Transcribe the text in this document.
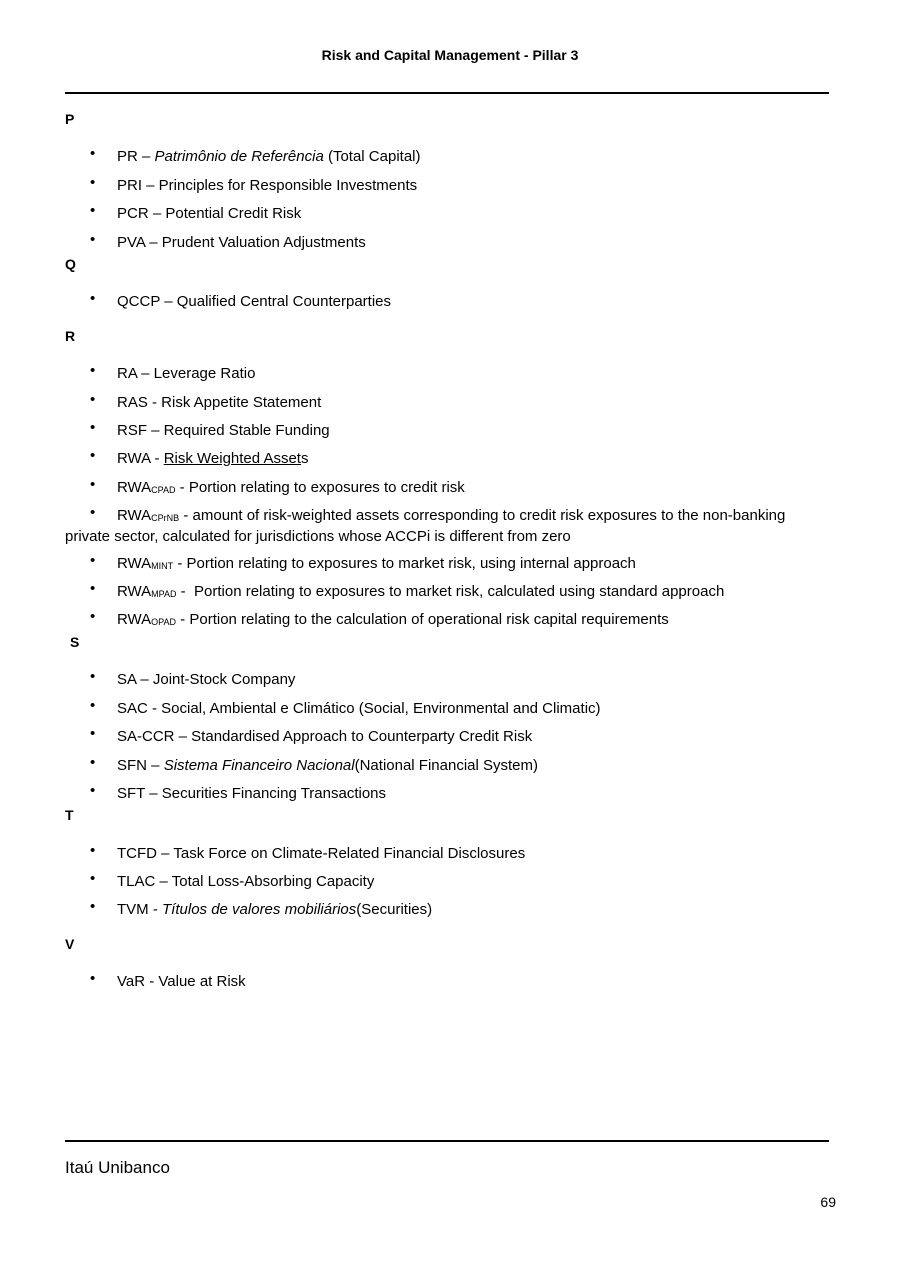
Risk and Capital Management - Pillar 3
P
• PR – Patrimônio de Referência (Total Capital)
• PRI – Principles for Responsible Investments
• PCR – Potential Credit Risk
• PVA – Prudent Valuation Adjustments
Q
• QCCP – Qualified Central Counterparties
R
• RA – Leverage Ratio
• RAS - Risk Appetite Statement
• RSF – Required Stable Funding
• RWA - Risk Weighted Assets
• RWACPAD - Portion relating to exposures to credit risk
•	RWACPrNB - amount of risk-weighted assets corresponding to credit risk exposures to the non-banking
private sector, calculated for jurisdictions whose ACCPi is different from zero
• RWAMINT - Portion relating to exposures to market risk, using internal approach
• RWAMPAD -  Portion relating to exposures to market risk, calculated using standard approach
• RWAOPAD - Portion relating to the calculation of operational risk capital requirements
S
• SA – Joint-Stock Company
• SAC - Social, Ambiental e Climático (Social, Environmental and Climatic)
• SA-CCR – Standardised Approach to Counterparty Credit Risk
• SFN – Sistema Financeiro Nacional(National Financial System)
• SFT – Securities Financing Transactions
T
• TCFD – Task Force on Climate-Related Financial Disclosures
• TLAC – Total Loss-Absorbing Capacity
• TVM - Títulos de valores mobiliários(Securities)
V
• VaR - Value at Risk
Itaú Unibanco
69
